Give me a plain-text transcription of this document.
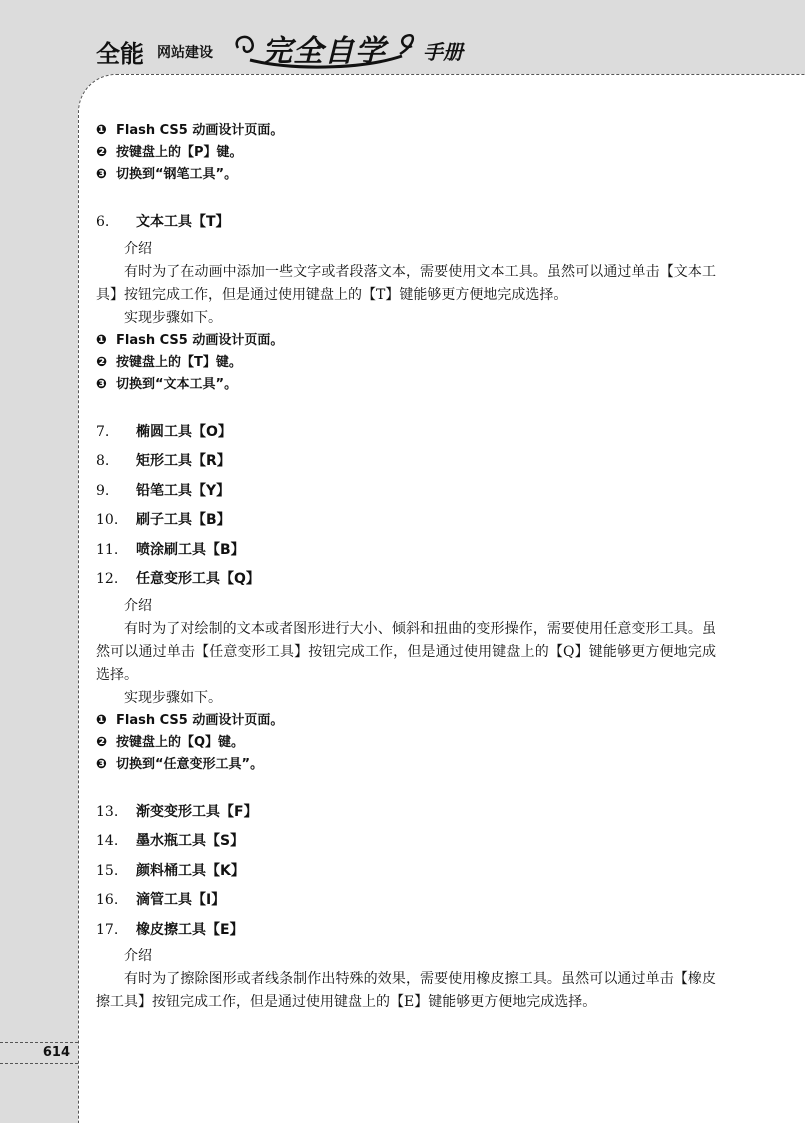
全能 网站建设 完全自学 手册
614
❶ Flash CS5 动画设计页面。
❷ 按键盘上的【P】键。
❸ 切换到“钢笔工具”。
6. 文本工具【T】
介绍

有时为了在动画中添加一些文字或者段落文本，需要使用文本工具。虽然可以通过单击【文本工具】按钮完成工作，但是通过使用键盘上的【T】键能够更方便地完成选择。

实现步骤如下。
❶ Flash CS5 动画设计页面。
❷ 按键盘上的【T】键。
❸ 切换到“文本工具”。
7. 椭圆工具【O】
8. 矩形工具【R】
9. 铅笔工具【Y】
10. 刷子工具【B】
11. 喷涂刷工具【B】
12. 任意变形工具【Q】
介绍

有时为了对绘制的文本或者图形进行大小、倾斜和扭曲的变形操作，需要使用任意变形工具。虽然可以通过单击【任意变形工具】按钮完成工作，但是通过使用键盘上的【Q】键能够更方便地完成选择。

实现步骤如下。
❶ Flash CS5 动画设计页面。
❷ 按键盘上的【Q】键。
❸ 切换到“任意变形工具”。
13. 渐变变形工具【F】
14. 墨水瓶工具【S】
15. 颜料桶工具【K】
16. 滴管工具【I】
17. 橡皮擦工具【E】
介绍

有时为了擦除图形或者线条制作出特殊的效果，需要使用橡皮擦工具。虽然可以通过单击【橡皮擦工具】按钮完成工作，但是通过使用键盘上的【E】键能够更方便地完成选择。
